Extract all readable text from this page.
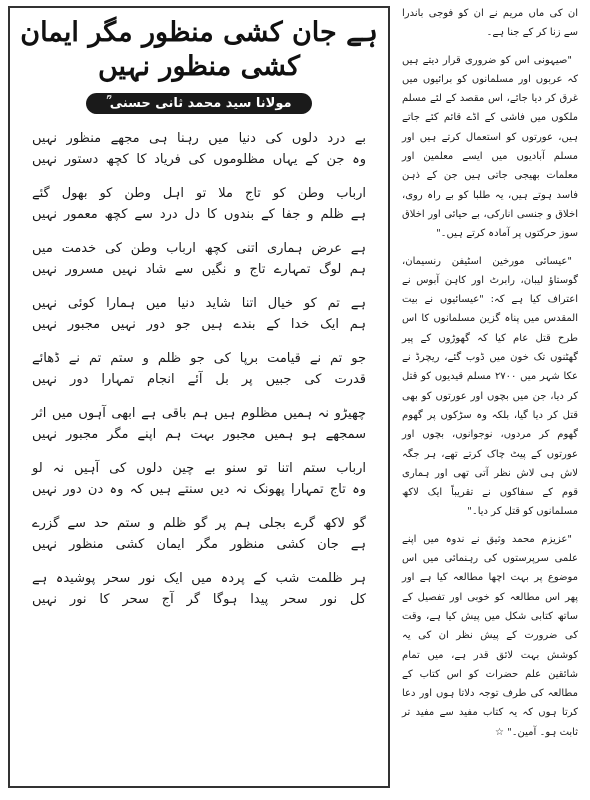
ہے جان کشی منظور مگر ایمان کشی منظور نہیں
مولانا سید محمد ثانی حسنی ؒ
بے درد دلوں کی دنیا میں رہنا ہی مجھے منظور نہیں
وہ جن کے یہاں مظلوموں کی فریاد کا کچھ دستور نہیں
ارباب وطن کو تاج ملا تو اہل وطن کو بھول گئے
ہے ظلم و جفا کے بندوں کا دل درد سے کچھ معمور نہیں
ہے عرض ہماری اتنی کچھ ارباب وطن کی خدمت میں
ہم لوگ تمہارے تاج و نگیں سے شاد نہیں مسرور نہیں
ہے تم کو خیال اتنا شاید دنیا میں ہمارا کوئی نہیں
ہم ایک خدا کے بندے ہیں جو دور نہیں مجبور نہیں
جو تم نے قیامت برپا کی جو ظلم و ستم تم نے ڈھائے
قدرت کی جبیں پر بل آئے انجام تمہارا دور نہیں
چھیڑو نہ ہمیں مظلوم ہیں ہم باقی ہے ابھی آہوں میں اثر
سمجھے ہو ہمیں مجبور بہت ہم اپنے مگر مجبور نہیں
ارباب ستم اتنا تو سنو بے چین دلوں کی آہیں نہ لو
وہ تاج تمہارا پھونک نہ دیں سنتے ہیں کہ وہ دن دور نہیں
گو لاکھ گرے بجلی ہم پر گو ظلم و ستم حد سے گزرے
ہے جان کشی منظور مگر ایمان کشی منظور نہیں
ہر ظلمت شب کے پردہ میں ایک نور سحر پوشیدہ ہے
کل نور سحر پیدا ہوگا گر آج سحر کا نور نہیں

ان کی ماں مریم نے ان کو فوجی باندرا سے زنا کر کے جنا ہے۔

"صیہونی اس کو ضروری قرار دیتے ہیں کہ عربوں اور مسلمانوں کو برائیوں میں غرق کر دیا جائے، اس مقصد کے لئے مسلم ملکوں میں فاشی کے اڈے قائم کئے جاتے ہیں، عورتوں کو استعمال کرتے ہیں اور مسلم آبادیوں میں ایسے معلمین اور معلمات بھیجی جاتی ہیں جن کے ذہن فاسد ہوتے ہیں، یہ طلبا کو بے راہ روی، اخلاق و جنسی انارکی، بے حیائی اور اخلاق سوز حرکتوں پر آمادہ کرتے ہیں۔"

"عیسائی مورخین اسٹیفن رنسیمان، گوستاؤ لیبان، رابرٹ اور کاہن آبوس نے اعتراف کیا ہے کہ: "عیسائیوں نے بیت المقدس میں پناہ گزین مسلمانوں کا اس طرح قتل عام کیا کہ گھوڑوں کے پیر گھٹنوں تک خون میں ڈوب گئے، ریچرڈ نے عکا شہر میں ۲۷۰۰ مسلم قیدیوں کو قتل کر دیا، جن میں بچوں اور عورتوں کو بھی قتل کر دیا گیا، بلکہ وہ سڑکوں پر گھوم گھوم کر مردوں، نوجوانوں، بچوں اور عورتوں کے پیٹ چاک کرتے تھے، ہر جگہ لاش ہی لاش نظر آتی تھی اور ہماری قوم کے سفاکوں نے تقریباً ایک لاکھ مسلمانوں کو قتل کر دیا۔"

"عزیزم محمد وثیق نے ندوہ میں اپنے علمی سرپرستوں کی رہنمائی میں اس موضوع پر بہت اچھا مطالعہ کیا ہے اور پھر اس مطالعہ کو خوبی اور تفصیل کے ساتھ کتابی شکل میں پیش کیا ہے، وقت کی ضرورت کے پیش نظر ان کی یہ کوشش بہت لائق قدر ہے، میں تمام شائقین علم حضرات کو اس کتاب کے مطالعہ کی طرف توجہ دلاتا ہوں اور دعا کرتا ہوں کہ یہ کتاب مفید سے مفید تر ثابت ہو۔ آمین۔" ☆
